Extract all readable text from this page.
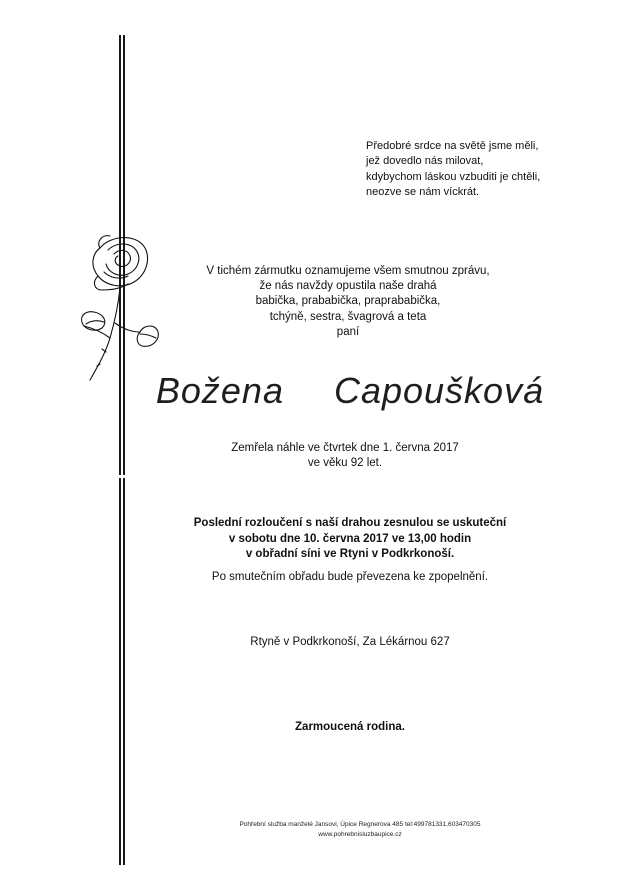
Předobré srdce na světě jsme měli,
jež dovedlo nás milovat,
kdybychom láskou vzbuditi je chtěli,
neozve se nám víckrát.
V tichém zármutku oznamujeme všem smutnou zprávu,
že nás navždy opustila naše drahá
babička, prababička, praprababička,
tchýně, sestra, švagrová a teta
paní
Božena  Capoušková
Zemřela náhle ve čtvrtek dne 1. června 2017
ve věku 92 let.
Poslední rozloučení s naší drahou zesnulou se uskuteční
v sobotu dne 10. června 2017 ve 13,00 hodin
v obřadní síni ve Rtyni v Podkrkonoší.
Po smutečním obřadu bude převezena ke zpopelnění.
Rtyně v Podkrkonoší, Za Lékárnou 627
Zarmoucená rodina.
Pohřební služba manželé Jansovi, Úpice Regnerova 485 tel:499781331,603470305
www.pohrebnisluzbaupice.cz
